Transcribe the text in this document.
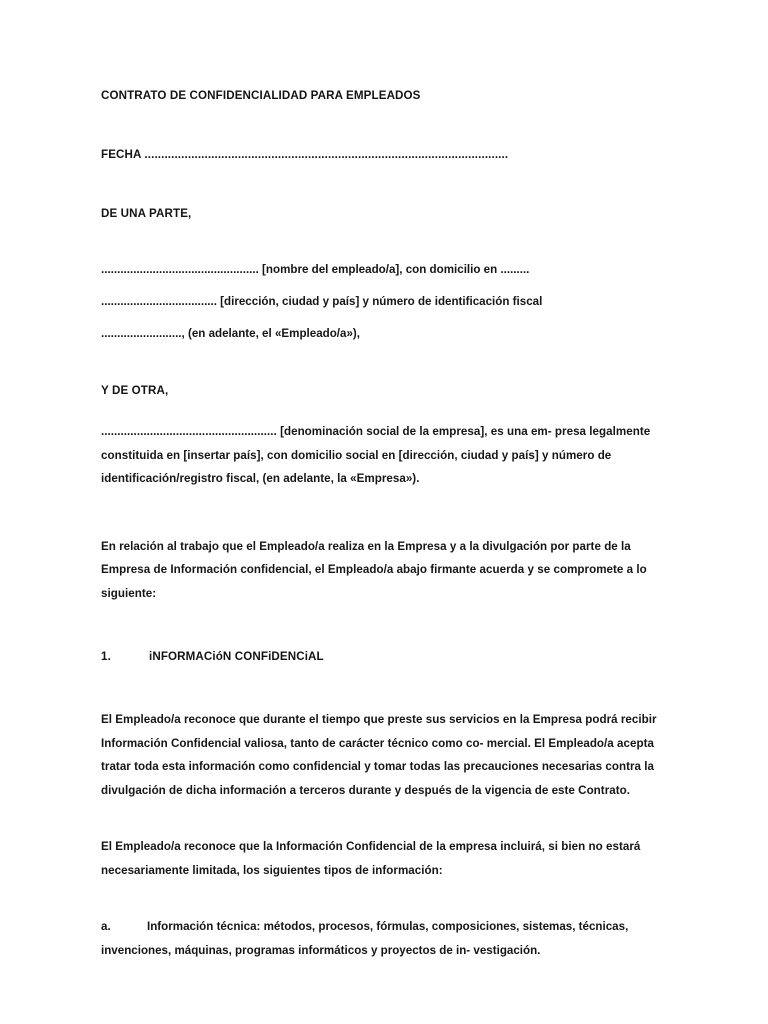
CONTRATO DE CONFIDENCIALIDAD PARA EMPLEADOS
FECHA .............................................................................................................
DE UNA PARTE,
................................................. [nombre del empleado/a], con domicilio en .........
.................................... [dirección, ciudad y país] y número de identificación fiscal
........................., (en adelante, el «Empleado/a»),
Y DE OTRA,
...................................................... [denominación social de la empresa], es una em- presa legalmente constituida en [insertar país], con domicilio social en [dirección, ciudad y país] y número de identificación/registro fiscal, (en adelante, la «Empresa»).
En relación al trabajo que el Empleado/a realiza en la Empresa y a la divulgación por parte de la Empresa de Información confidencial, el Empleado/a abajo firmante acuerda y se compromete a lo siguiente:
1.	iNFORMACióN CONFiDENCiAL
El Empleado/a reconoce que durante el tiempo que preste sus servicios en la Empresa podrá recibir Información Confidencial valiosa, tanto de carácter técnico como co- mercial. El Empleado/a acepta tratar toda esta información como confidencial y tomar todas las precauciones necesarias contra la divulgación de dicha información a terceros durante y después de la vigencia de este Contrato.
El Empleado/a reconoce que la Información Confidencial de la empresa incluirá, si bien no estará necesariamente limitada, los siguientes tipos de información:
a.	Información técnica: métodos, procesos, fórmulas, composiciones, sistemas, técnicas, invenciones, máquinas, programas informáticos y proyectos de in- vestigación.
